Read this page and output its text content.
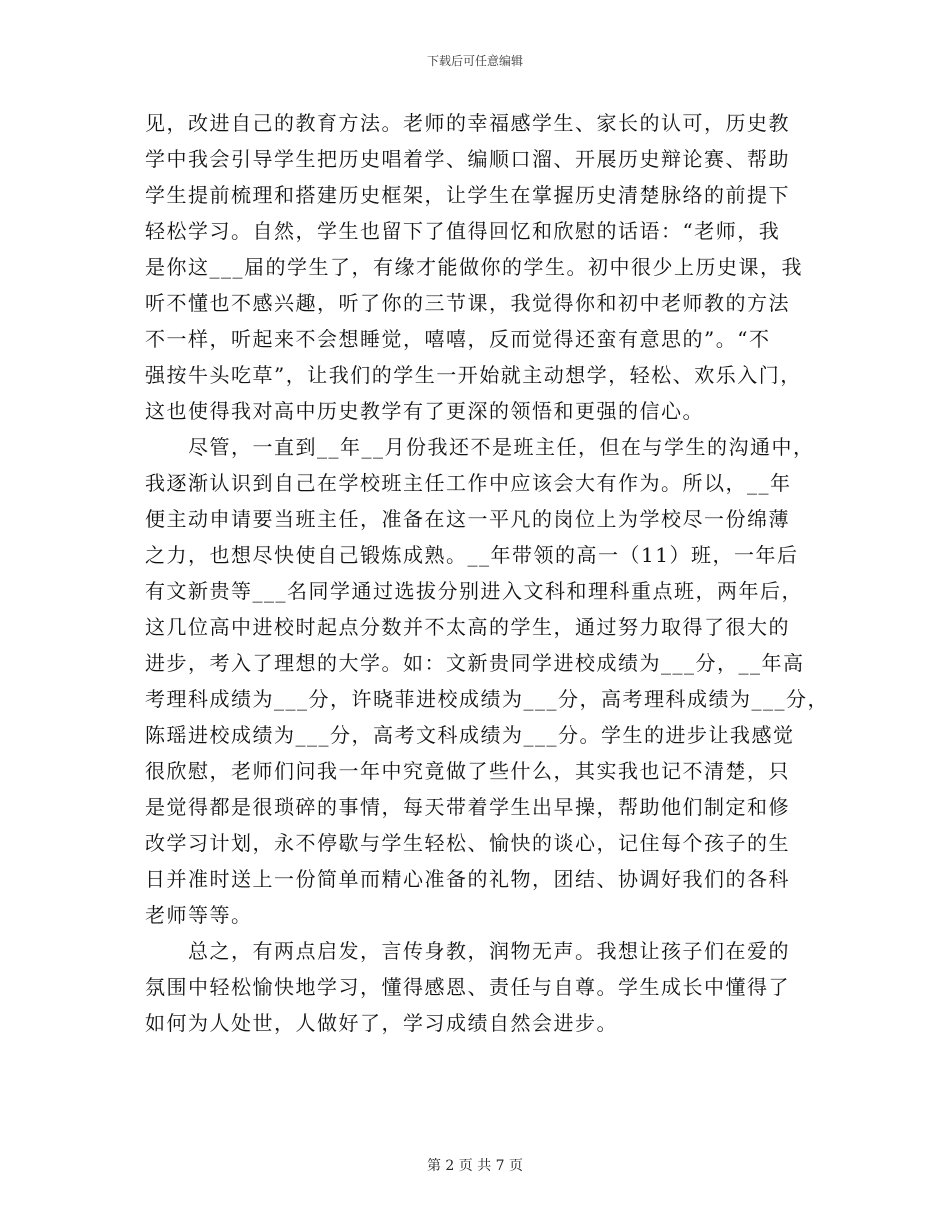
下载后可任意编辑
见，改进自己的教育方法。老师的幸福感学生、家长的认可，历史教
学中我会引导学生把历史唱着学、编顺口溜、开展历史辩论赛、帮助
学生提前梳理和搭建历史框架，让学生在掌握历史清楚脉络的前提下
轻松学习。自然，学生也留下了值得回忆和欣慰的话语：“老师，我
是你这___届的学生了，有缘才能做你的学生。初中很少上历史课，我
听不懂也不感兴趣，听了你的三节课，我觉得你和初中老师教的方法
不一样，听起来不会想睡觉，嘻嘻，反而觉得还蛮有意思的”。“不
强按牛头吃草”，让我们的学生一开始就主动想学，轻松、欢乐入门，
这也使得我对高中历史教学有了更深的领悟和更强的信心。
　　尽管，一直到__年__月份我还不是班主任，但在与学生的沟通中，
我逐渐认识到自己在学校班主任工作中应该会大有作为。所以，__年
便主动申请要当班主任，准备在这一平凡的岗位上为学校尽一份绵薄
之力，也想尽快使自己锻炼成熟。__年带领的高一（11）班，一年后
有文新贵等___名同学通过选拔分别进入文科和理科重点班，两年后，
这几位高中进校时起点分数并不太高的学生，通过努力取得了很大的
进步，考入了理想的大学。如：文新贵同学进校成绩为___分，__年高
考理科成绩为___分，许晓菲进校成绩为___分，高考理科成绩为___分，
陈瑶进校成绩为___分，高考文科成绩为___分。学生的进步让我感觉
很欣慰，老师们问我一年中究竟做了些什么，其实我也记不清楚，只
是觉得都是很琐碎的事情，每天带着学生出早操，帮助他们制定和修
改学习计划，永不停歇与学生轻松、愉快的谈心，记住每个孩子的生
日并准时送上一份简单而精心准备的礼物，团结、协调好我们的各科
老师等等。
　　总之，有两点启发，言传身教，润物无声。我想让孩子们在爱的
氛围中轻松愉快地学习，懂得感恩、责任与自尊。学生成长中懂得了
如何为人处世，人做好了，学习成绩自然会进步。
第 2 页 共 7 页
